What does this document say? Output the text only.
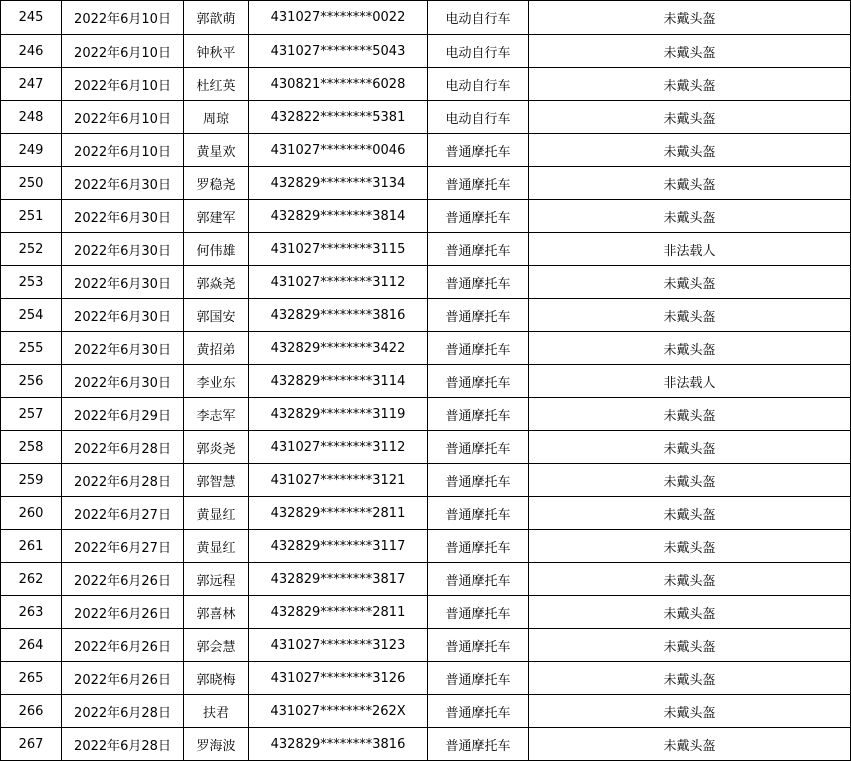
245	2022年6月10日	郭歆萌	431027********0022	电动自行车	未戴头盔
246	2022年6月10日	钟秋平	431027********5043	电动自行车	未戴头盔
247	2022年6月10日	杜红英	430821********6028	电动自行车	未戴头盔
248	2022年6月10日	周琼	432822********5381	电动自行车	未戴头盔
249	2022年6月10日	黄星欢	431027********0046	普通摩托车	未戴头盔
250	2022年6月30日	罗稳尧	432829********3134	普通摩托车	未戴头盔
251	2022年6月30日	郭建军	432829********3814	普通摩托车	未戴头盔
252	2022年6月30日	何伟雄	431027********3115	普通摩托车	非法载人
253	2022年6月30日	郭焱尧	431027********3112	普通摩托车	未戴头盔
254	2022年6月30日	郭国安	432829********3816	普通摩托车	未戴头盔
255	2022年6月30日	黄招弟	432829********3422	普通摩托车	未戴头盔
256	2022年6月30日	李业东	432829********3114	普通摩托车	非法载人
257	2022年6月29日	李志军	432829********3119	普通摩托车	未戴头盔
258	2022年6月28日	郭炎尧	431027********3112	普通摩托车	未戴头盔
259	2022年6月28日	郭智慧	431027********3121	普通摩托车	未戴头盔
260	2022年6月27日	黄显红	432829********2811	普通摩托车	未戴头盔
261	2022年6月27日	黄显红	432829********3117	普通摩托车	未戴头盔
262	2022年6月26日	郭远程	432829********3817	普通摩托车	未戴头盔
263	2022年6月26日	郭喜林	432829********2811	普通摩托车	未戴头盔
264	2022年6月26日	郭会慧	431027********3123	普通摩托车	未戴头盔
265	2022年6月26日	郭晓梅	431027********3126	普通摩托车	未戴头盔
266	2022年6月28日	扶君	431027********262X	普通摩托车	未戴头盔
267	2022年6月28日	罗海波	432829********3816	普通摩托车	未戴头盔
